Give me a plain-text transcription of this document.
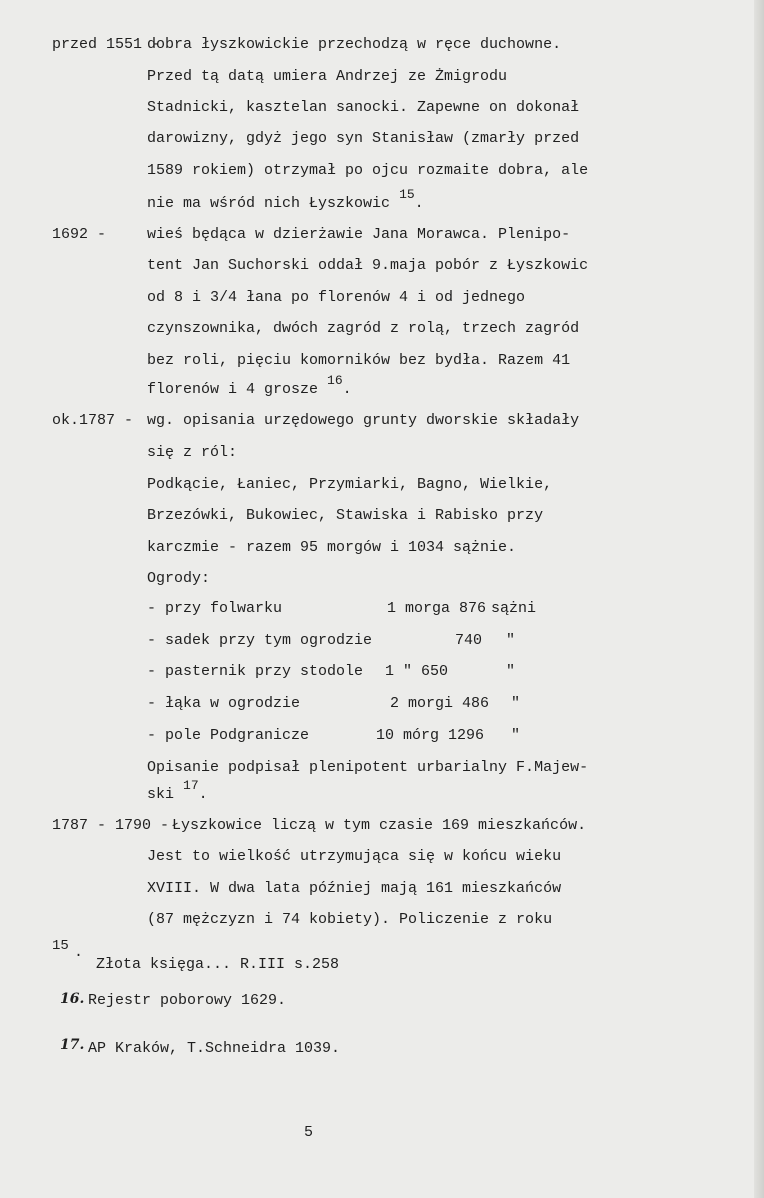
przed 1551 -
dobra łyszkowickie przechodzą w ręce duchowne.
Przed tą datą umiera Andrzej ze Żmigrodu
Stadnicki, kasztelan sanocki. Zapewne on dokonał
darowizny, gdyż jego syn Stanisław (zmarły przed
1589 rokiem) otrzymał po ojcu rozmaite dobra, ale
nie ma wśród nich Łyszkowic 15.
1692 -	wieś będąca w dzierżawie Jana Morawca. Plenipo-
tent Jan Suchorski oddał 9.maja pobór z Łyszkowic
od 8 i 3/4 łana po florenów 4 i od jednego
czynszownika, dwóch zagród z rolą, trzech zagród
bez roli, pięciu komorników bez bydła. Razem 41
florenów i 4 grosze 16.
ok.1787 - wg. opisania urzędowego grunty dworskie składały
się z ról:
Podkącie, Łaniec, Przymiarki, Bagno, Wielkie,
Brzezówki, Bukowiec, Stawiska i Rabisko przy
karczmie - razem 95 morgów i 1034 sążnie.
Ogrody:
- przy folwarku	1 morga 876 sążni
- sadek przy tym ogrodzie	740 "
- pasternik przy stodole 1 " 650	"
- łąka w ogrodzie	2 morgi 486 "
- pole Podgranicze	10 mórg 1296 "
Opisanie podpisał plenipotent urbarialny F.Majew-
ski 17.
1787 - 1790 - Łyszkowice liczą w tym czasie 169 mieszkańców.
Jest to wielkość utrzymująca się w końcu wieku
XVIII. W dwa lata później mają 161 mieszkańców
(87 mężczyzn i 74 kobiety). Policzenie z roku
15 .
Złota księga... R.III s.258
16. Rejestr poborowy 1629.
17. AP Kraków, T.Schneidra 1039.
5
